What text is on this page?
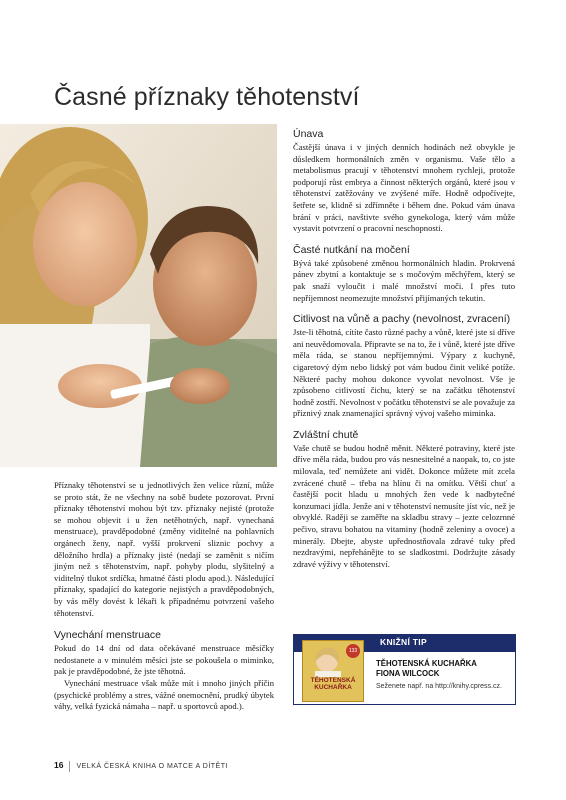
Časné příznaky těhotenství

Příznaky těhotenství se u jednotlivých žen velice různí, může se proto stát, že ne všechny na sobě budete pozorovat. První příznaky těhotenství mohou být tzv. příznaky nejisté (protože se mohou objevit i u žen netěhotných, např. vynechaná menstruace), pravděpodobné (změny viditelné na pohlavních orgánech ženy, např. vyšší prokrvení sliznic pochvy a děložního hrdla) a příznaky jisté (nedají se zaměnit s ničím jiným než s těhotenstvím, např. pohyby plodu, slyšitelný a viditelný tlukot srdíčka, hmatné části plodu apod.). Následující příznaky, spadající do kategorie nejistých a pravděpodobných, by vás měly dovést k lékaři k případnému potvrzení vašeho těhotenství.

Vynechání menstruace

Pokud do 14 dní od data očekávané menstruace měsíčky nedostanete a v minulém měsíci jste se pokoušela o miminko, pak je pravděpodobné, že jste těhotná.

Vynechání mestruace však může mít i mnoho jiných příčin (psychické problémy a stres, vážné onemocnění, prudký úbytek váhy, velká fyzická námaha – např. u sportovců apod.).

Únava

Častější únava i v jiných denních hodinách než obvykle je důsledkem hormonálních změn v organismu. Vaše tělo a metabolismus pracují v těhotenství mnohem rychleji, protože podporují růst embrya a činnost některých orgánů, které jsou v těhotenství zatěžovány ve zvýšené míře. Hodně odpočívejte, šetřete se, klidně si zdřímněte i během dne. Pokud vám únava brání v práci, navštivte svého gynekologa, který vám může vystavit potvrzení o pracovní neschopnosti.

Časté nutkání na močení

Bývá také způsobené změnou hormonálních hladin. Prokrvená pánev zbytní a kontaktuje se s močovým měchýřem, který se pak snaží vyloučit i malé množství moči. I přes tuto nepříjemnost neomezujte množství přijímaných tekutin.

Citlivost na vůně a pachy (nevolnost, zvracení)

Jste-li těhotná, cítíte často různé pachy a vůně, které jste si dříve ani neuvědomovala. Připravte se na to, že i vůně, které jste dříve měla ráda, se stanou nepříjemnými. Výpary z kuchyně, cigaretový dým nebo lidský pot vám budou činit veliké potíže. Některé pachy mohou dokonce vyvolat nevolnost. Vše je způsobeno citlivostí čichu, který se na začátku těhotenství hodně zostří. Nevolnost v počátku těhotenství se ale považuje za příznivý znak znamenající správný vývoj vašeho miminka.

Zvláštní chutě

Vaše chutě se budou hodně měnit. Některé potraviny, které jste dříve měla ráda, budou pro vás nesnesitelné a naopak, to, co jste milovala, teď nemůžete ani vidět. Dokonce můžete mít zcela zvrácené chutě – třeba na hlínu či na omítku. Větší chuť a častější pocit hladu u mnohých žen vede k nadbytečné konzumaci jídla. Jenže ani v těhotenství nemusíte jíst víc, než je obvyklé. Raději se zaměřte na skladbu stravy – jezte celozrnné pečivo, stravu bohatou na vitaminy (hodně zeleniny a ovoce) a minerály. Dbejte, abyste upřednostňovala zdravé tuky před nezdravými, nepřehánějte to se sladkostmi. Dodržujte zásady zdravé výživy v těhotenství.

KNIŽNÍ TIP
133
TĚHOTENSKÁ KUCHAŘKA
TĚHOTENSKÁ KUCHAŘKA
FIONA WILCOCK
Seženete např. na http://knihy.cpress.cz.
16 VELKÁ ČESKÁ KNIHA O MATCE A DÍTĚTI
